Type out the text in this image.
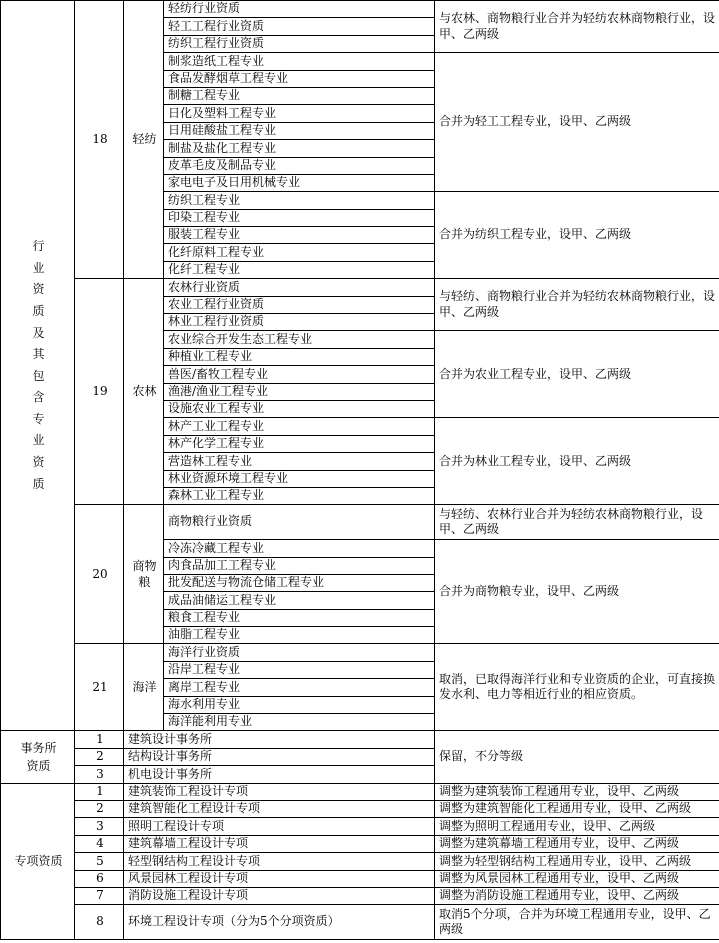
行业资质及其包含专业资质	18	轻纺	轻纺行业资质	与农林、商物粮行业合并为轻纺农林商物粮行业，设甲、乙两级
			轻工工程行业资质	
			纺织工程行业资质	
			制浆造纸工程专业	合并为轻工工程专业，设甲、乙两级
			食品发酵烟草工程专业	
			制糖工程专业	
			日化及塑料工程专业	
			日用硅酸盐工程专业	
			制盐及盐化工程专业	
			皮革毛皮及制品专业	
			家电电子及日用机械专业	
			纺织工程专业	合并为纺织工程专业，设甲、乙两级
			印染工程专业	
			服装工程专业	
			化纤原料工程专业	
			化纤工程专业	
	19	农林	农林行业资质	与轻纺、商物粮行业合并为轻纺农林商物粮行业，设甲、乙两级
			农业工程行业资质	
			林业工程行业资质	
			农业综合开发生态工程专业	合并为农业工程专业，设甲、乙两级
			种植业工程专业	
			兽医/畜牧工程专业	
			渔港/渔业工程专业	
			设施农业工程专业	
			林产工业工程专业	合并为林业工程专业，设甲、乙两级
			林产化学工程专业	
			营造林工程专业	
			林业资源环境工程专业	
			森林工业工程专业	
	20	商物粮	商物粮行业资质	与轻纺、农林行业合并为轻纺农林商物粮行业，设甲、乙两级
			冷冻冷藏工程专业	合并为商物粮专业，设甲、乙两级
			肉食品加工工程专业	
			批发配送与物流仓储工程专业	
			成品油储运工程专业	
			粮食工程专业	
			油脂工程专业	
	21	海洋	海洋行业资质	取消，已取得海洋行业和专业资质的企业，可直接换发水利、电力等相近行业的相应资质。
			沿岸工程专业	
			离岸工程专业	
			海水利用专业	
			海洋能利用专业	

事务所资质	1	建筑设计事务所		保留，不分等级
	2	结构设计事务所		
	3	机电设计事务所		

专项资质	1	建筑装饰工程设计专项		调整为建筑装饰工程通用专业，设甲、乙两级
	2	建筑智能化工程设计专项		调整为建筑智能化工程通用专业，设甲、乙两级
	3	照明工程设计专项		调整为照明工程通用专业，设甲、乙两级
	4	建筑幕墙工程设计专项		调整为建筑幕墙工程通用专业，设甲、乙两级
	5	轻型钢结构工程设计专项		调整为轻型钢结构工程通用专业，设甲、乙两级
	6	风景园林工程设计专项		调整为风景园林工程通用专业，设甲、乙两级
	7	消防设施工程设计专项		调整为消防设施工程通用专业，设甲、乙两级
	8	环境工程设计专项（分为5个分项资质）		取消5个分项，合并为环境工程通用专业，设甲、乙两级
